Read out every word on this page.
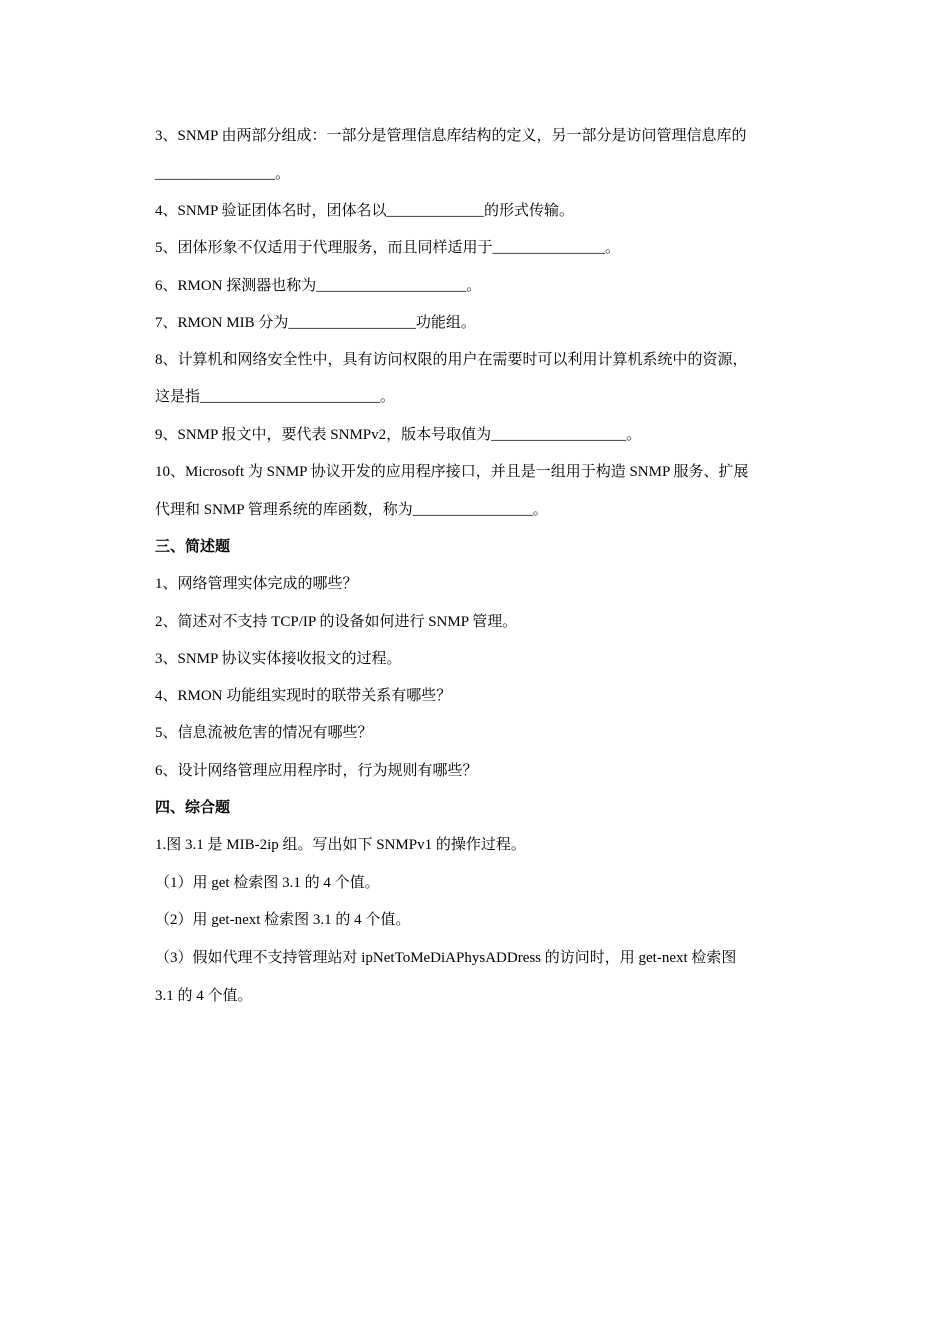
3、SNMP 由两部分组成：一部分是管理信息库结构的定义，另一部分是访问管理信息库的
________________。
4、SNMP 验证团体名时，团体名以_____________的形式传输。
5、团体形象不仅适用于代理服务，而且同样适用于_______________。
6、RMON 探测器也称为____________________。
7、RMON MIB 分为_________________功能组。
8、计算机和网络安全性中，具有访问权限的用户在需要时可以利用计算机系统中的资源，
这是指________________________。
9、SNMP 报文中，要代表 SNMPv2，版本号取值为__________________。
10、Microsoft 为 SNMP 协议开发的应用程序接口，并且是一组用于构造 SNMP 服务、扩展
代理和 SNMP 管理系统的库函数，称为________________。
三、简述题
1、网络管理实体完成的哪些？
2、简述对不支持 TCP/IP 的设备如何进行 SNMP 管理。
3、SNMP 协议实体接收报文的过程。
4、RMON 功能组实现时的联带关系有哪些？
5、信息流被危害的情况有哪些？
6、设计网络管理应用程序时，行为规则有哪些？
四、综合题
1.图 3.1 是 MIB-2ip 组。写出如下 SNMPv1 的操作过程。
（1）用 get 检索图 3.1 的 4 个值。
（2）用 get-next 检索图 3.1 的 4 个值。
（3）假如代理不支持管理站对 ipNetToMeDiAPhysADDress 的访问时，用 get-next 检索图
3.1 的 4 个值。
